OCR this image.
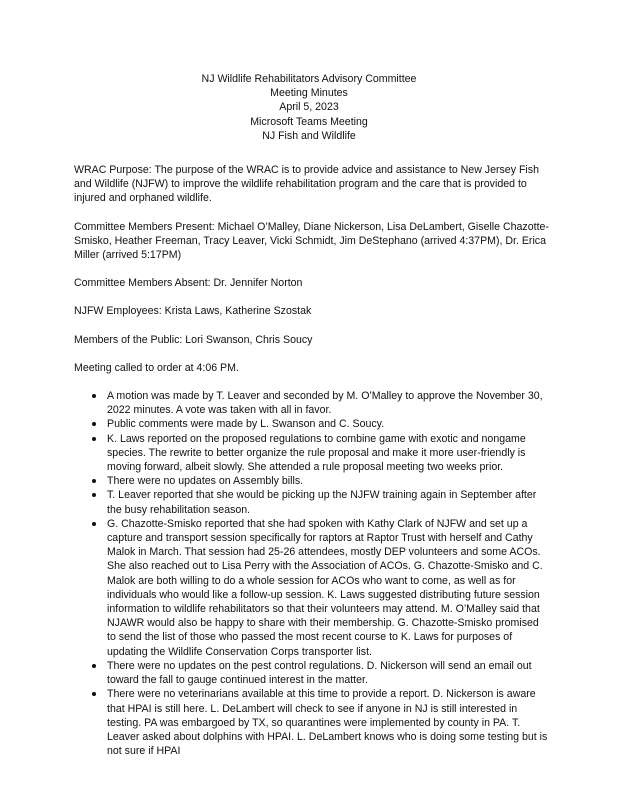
NJ Wildlife Rehabilitators Advisory Committee
Meeting Minutes
April 5, 2023
Microsoft Teams Meeting
NJ Fish and Wildlife

WRAC Purpose: The purpose of the WRAC is to provide advice and assistance to New Jersey Fish and Wildlife (NJFW) to improve the wildlife rehabilitation program and the care that is provided to injured and orphaned wildlife.

Committee Members Present: Michael O’Malley, Diane Nickerson, Lisa DeLambert, Giselle Chazotte-Smisko, Heather Freeman, Tracy Leaver, Vicki Schmidt, Jim DeStephano (arrived 4:37PM), Dr. Erica Miller (arrived 5:17PM)

Committee Members Absent: Dr. Jennifer Norton

NJFW Employees: Krista Laws, Katherine Szostak

Members of the Public: Lori Swanson, Chris Soucy

Meeting called to order at 4:06 PM.

A motion was made by T. Leaver and seconded by M. O’Malley to approve the November 30, 2022 minutes. A vote was taken with all in favor.
Public comments were made by L. Swanson and C. Soucy.
K. Laws reported on the proposed regulations to combine game with exotic and nongame species. The rewrite to better organize the rule proposal and make it more user-friendly is moving forward, albeit slowly. She attended a rule proposal meeting two weeks prior.
There were no updates on Assembly bills.
T. Leaver reported that she would be picking up the NJFW training again in September after the busy rehabilitation season.
G. Chazotte-Smisko reported that she had spoken with Kathy Clark of NJFW and set up a capture and transport session specifically for raptors at Raptor Trust with herself and Cathy Malok in March. That session had 25-26 attendees, mostly DEP volunteers and some ACOs. She also reached out to Lisa Perry with the Association of ACOs. G. Chazotte-Smisko and C. Malok are both willing to do a whole session for ACOs who want to come, as well as for individuals who would like a follow-up session. K. Laws suggested distributing future session information to wildlife rehabilitators so that their volunteers may attend. M. O’Malley said that NJAWR would also be happy to share with their membership. G. Chazotte-Smisko promised to send the list of those who passed the most recent course to K. Laws for purposes of updating the Wildlife Conservation Corps transporter list.
There were no updates on the pest control regulations. D. Nickerson will send an email out toward the fall to gauge continued interest in the matter.
There were no veterinarians available at this time to provide a report. D. Nickerson is aware that HPAI is still here. L. DeLambert will check to see if anyone in NJ is still interested in testing. PA was embargoed by TX, so quarantines were implemented by county in PA. T. Leaver asked about dolphins with HPAI. L. DeLambert knows who is doing some testing but is not sure if HPAI
